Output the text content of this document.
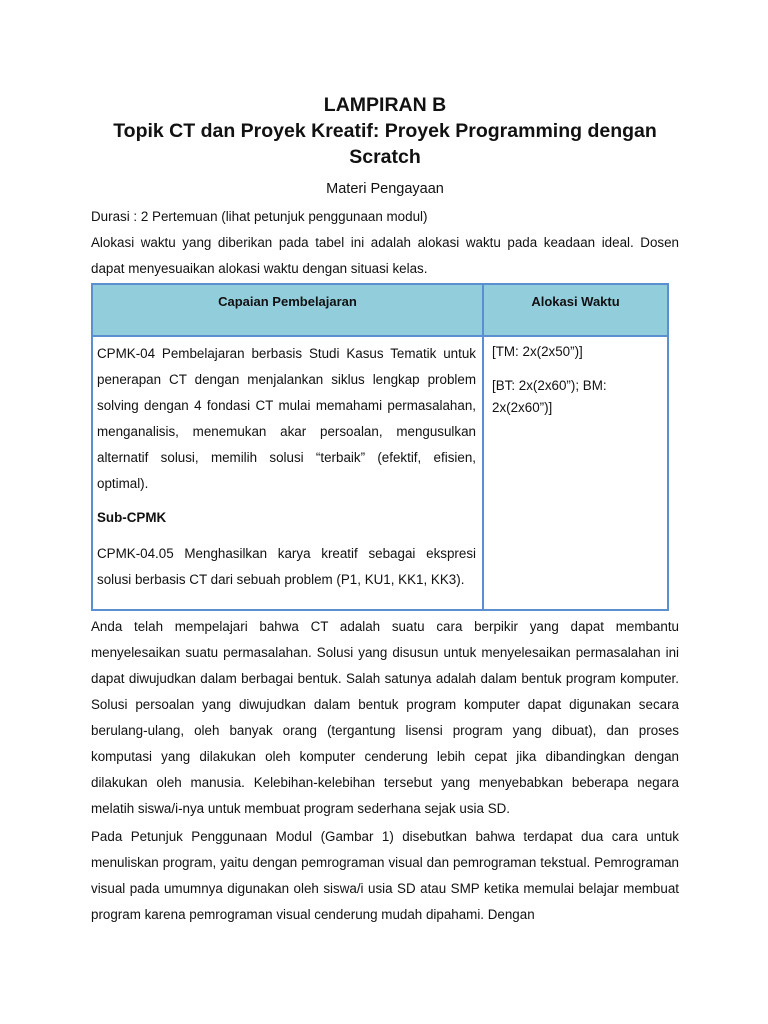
LAMPIRAN B
Topik CT dan Proyek Kreatif: Proyek Programming dengan
Scratch
Materi Pengayaan

Durasi : 2 Pertemuan (lihat petunjuk penggunaan modul)

Alokasi waktu yang diberikan pada tabel ini adalah alokasi waktu pada keadaan ideal. Dosen dapat menyesuaikan alokasi waktu dengan situasi kelas.

Capaian Pembelajaran	Alokasi Waktu

CPMK-04 Pembelajaran berbasis Studi Kasus Tematik untuk penerapan CT dengan menjalankan siklus lengkap problem solving dengan 4 fondasi CT mulai memahami permasalahan, menganalisis, menemukan akar persoalan, mengusulkan alternatif solusi, memilih solusi “terbaik” (efektif, efisien, optimal).

Sub-CPMK

CPMK-04.05 Menghasilkan karya kreatif sebagai ekspresi solusi berbasis CT dari sebuah problem (P1, KU1, KK1, KK3).

[TM: 2x(2x50”)]
[BT: 2x(2x60”); BM: 2x(2x60”)]

Anda telah mempelajari bahwa CT adalah suatu cara berpikir yang dapat membantu menyelesaikan suatu permasalahan. Solusi yang disusun untuk menyelesaikan permasalahan ini dapat diwujudkan dalam berbagai bentuk. Salah satunya adalah dalam bentuk program komputer. Solusi persoalan yang diwujudkan dalam bentuk program komputer dapat digunakan secara berulang-ulang, oleh banyak orang (tergantung lisensi program yang dibuat), dan proses komputasi yang dilakukan oleh komputer cenderung lebih cepat jika dibandingkan dengan dilakukan oleh manusia. Kelebihan-kelebihan tersebut yang menyebabkan beberapa negara melatih siswa/i-nya untuk membuat program sederhana sejak usia SD.

Pada Petunjuk Penggunaan Modul (Gambar 1) disebutkan bahwa terdapat dua cara untuk menuliskan program, yaitu dengan pemrograman visual dan pemrograman tekstual. Pemrograman visual pada umumnya digunakan oleh siswa/i usia SD atau SMP ketika memulai belajar membuat program karena pemrograman visual cenderung mudah dipahami. Dengan
